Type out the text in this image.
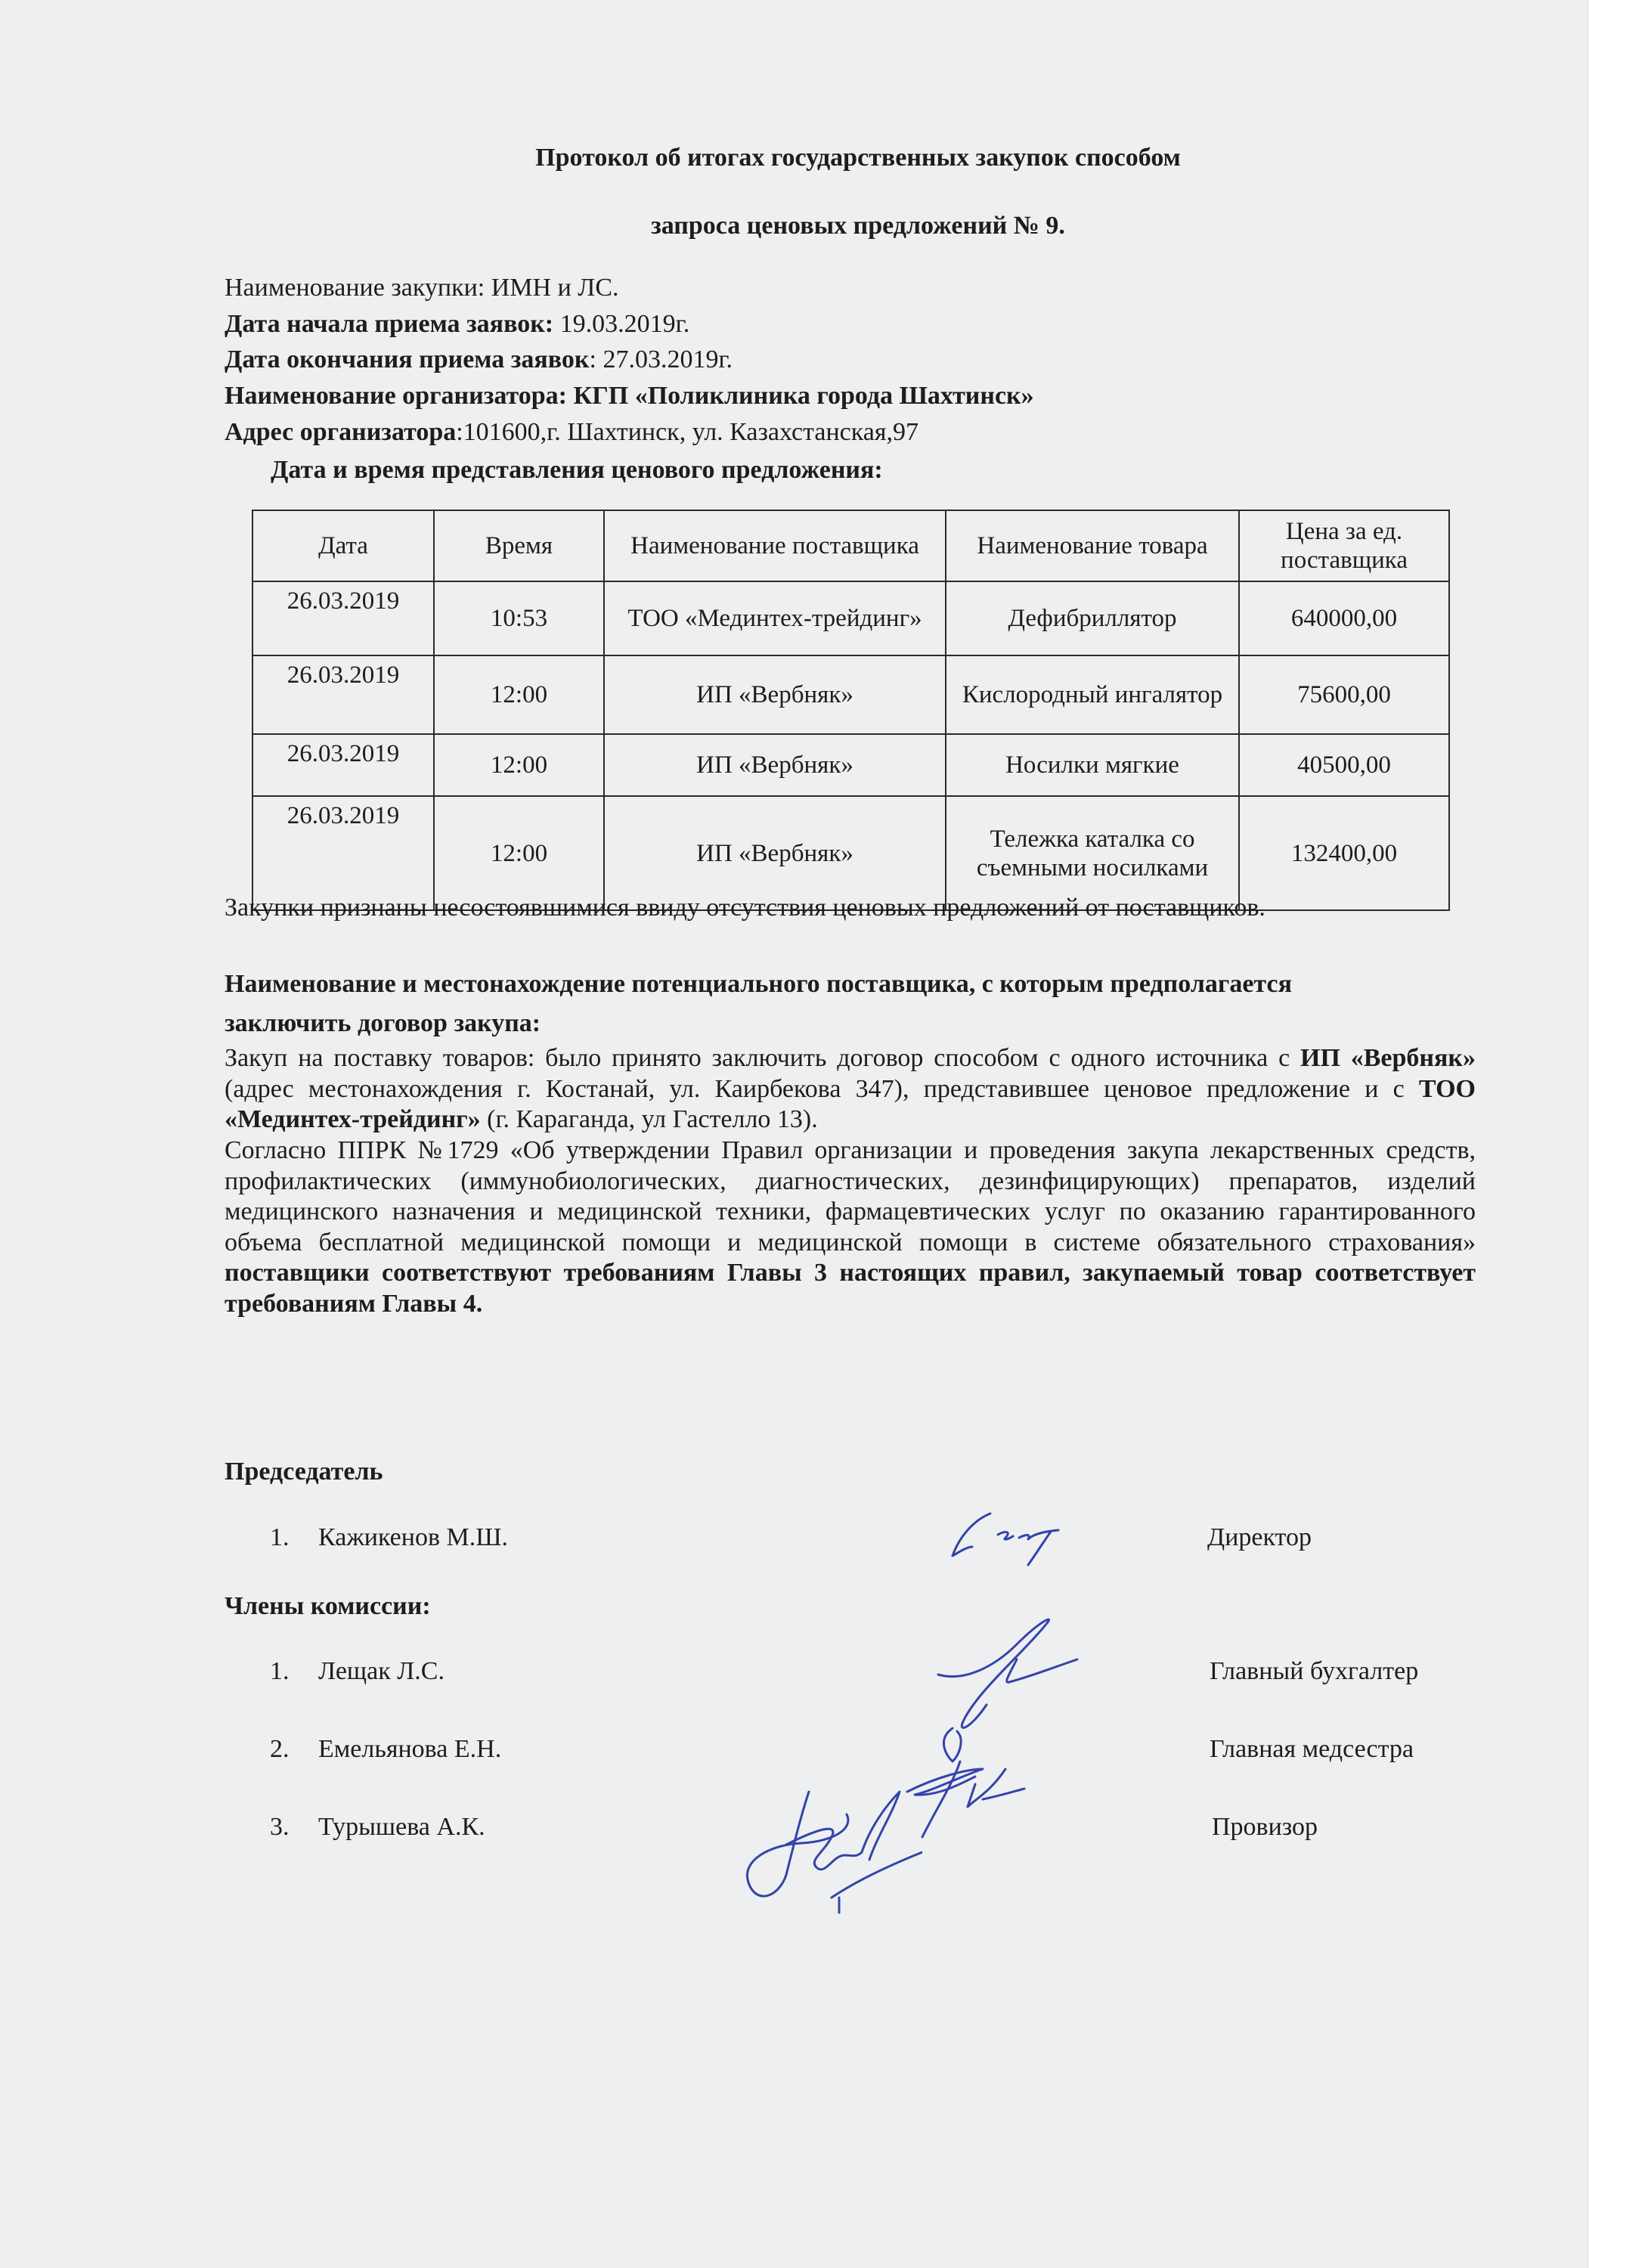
Протокол об итогах государственных закупок способом
запроса ценовых предложений № 9.
Наименование закупки: ИМН и ЛС.
Дата начала приема заявок: 19.03.2019г.
Дата окончания приема заявок: 27.03.2019г.
Наименование организатора: КГП «Поликлиника города Шахтинск»
Адрес организатора:101600,г. Шахтинск, ул. Казахстанская,97
Дата и время представления ценового предложения:
Дата	Время	Наименование поставщика	Наименование товара	Цена за ед. поставщика
26.03.2019	10:53	ТОО «Мединтех-трейдинг»	Дефибриллятор	640000,00
26.03.2019	12:00	ИП «Вербняк»	Кислородный ингалятор	75600,00
26.03.2019	12:00	ИП «Вербняк»	Носилки мягкие	40500,00
26.03.2019	12:00	ИП «Вербняк»	Тележка каталка со съемными носилками	132400,00
Закупки признаны несостоявшимися ввиду отсутствия ценовых предложений от поставщиков.
Наименование и местонахождение потенциального поставщика, с которым предполагается
заключить договор закупа:
Закуп на поставку товаров: было принято заключить договор способом с одного источника с ИП «Вербняк» (адрес местонахождения г. Костанай, ул. Каирбекова 347), представившее ценовое предложение и с ТОО «Мединтех-трейдинг» (г. Караганда, ул Гастелло 13).
Согласно ППРК №1729 «Об утверждении Правил организации и проведения закупа лекарственных средств, профилактических (иммунобиологических, диагностических, дезинфицирующих) препаратов, изделий медицинского назначения и медицинской техники, фармацевтических услуг по оказанию гарантированного объема бесплатной медицинской помощи и медицинской помощи в системе обязательного страхования» поставщики соответствуют требованиям Главы 3 настоящих правил, закупаемый товар соответствует требованиям Главы 4.
Председатель
1. Кажикенов М.Ш.	Директор
Члены комиссии:
1. Лещак Л.С.	Главный бухгалтер
2. Емельянова Е.Н.	Главная медсестра
3. Турышева А.К.	Провизор
